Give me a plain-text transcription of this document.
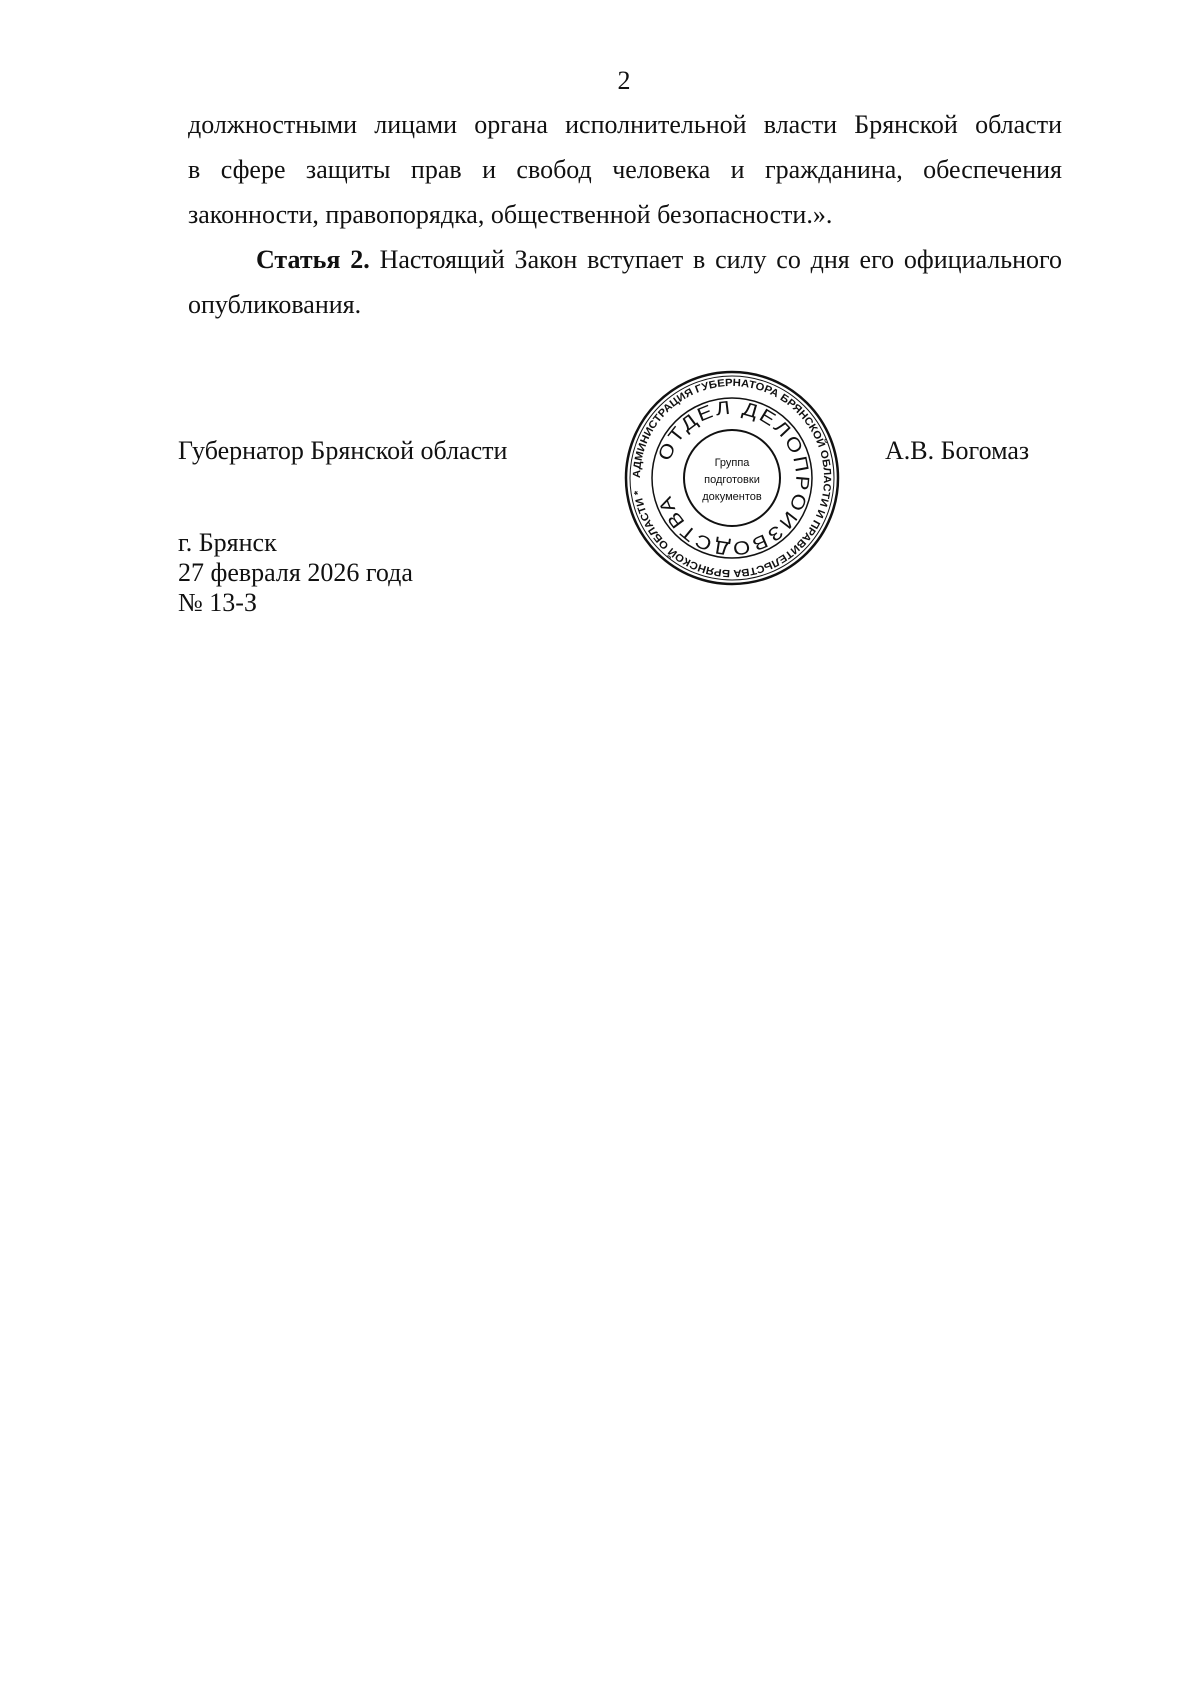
2
должностными лицами органа исполнительной власти Брянской области
в сфере защиты прав и свобод человека и гражданина, обеспечения
законности, правопорядка, общественной безопасности.».
Статья 2. Настоящий Закон вступает в силу со дня его официального
опубликования.
Губернатор Брянской области	А.В. Богомаз
г. Брянск
27 февраля 2026 года
№ 13-З
АДМИНИСТРАЦИЯ ГУБЕРНАТОРА БРЯНСКОЙ ОБЛАСТИ И ПРАВИТЕЛЬСТВА БРЯНСКОЙ ОБЛАСТИ *
ОТДЕЛ ДЕЛОПРОИЗВОДСТВА
Группа
подготовки
документов
